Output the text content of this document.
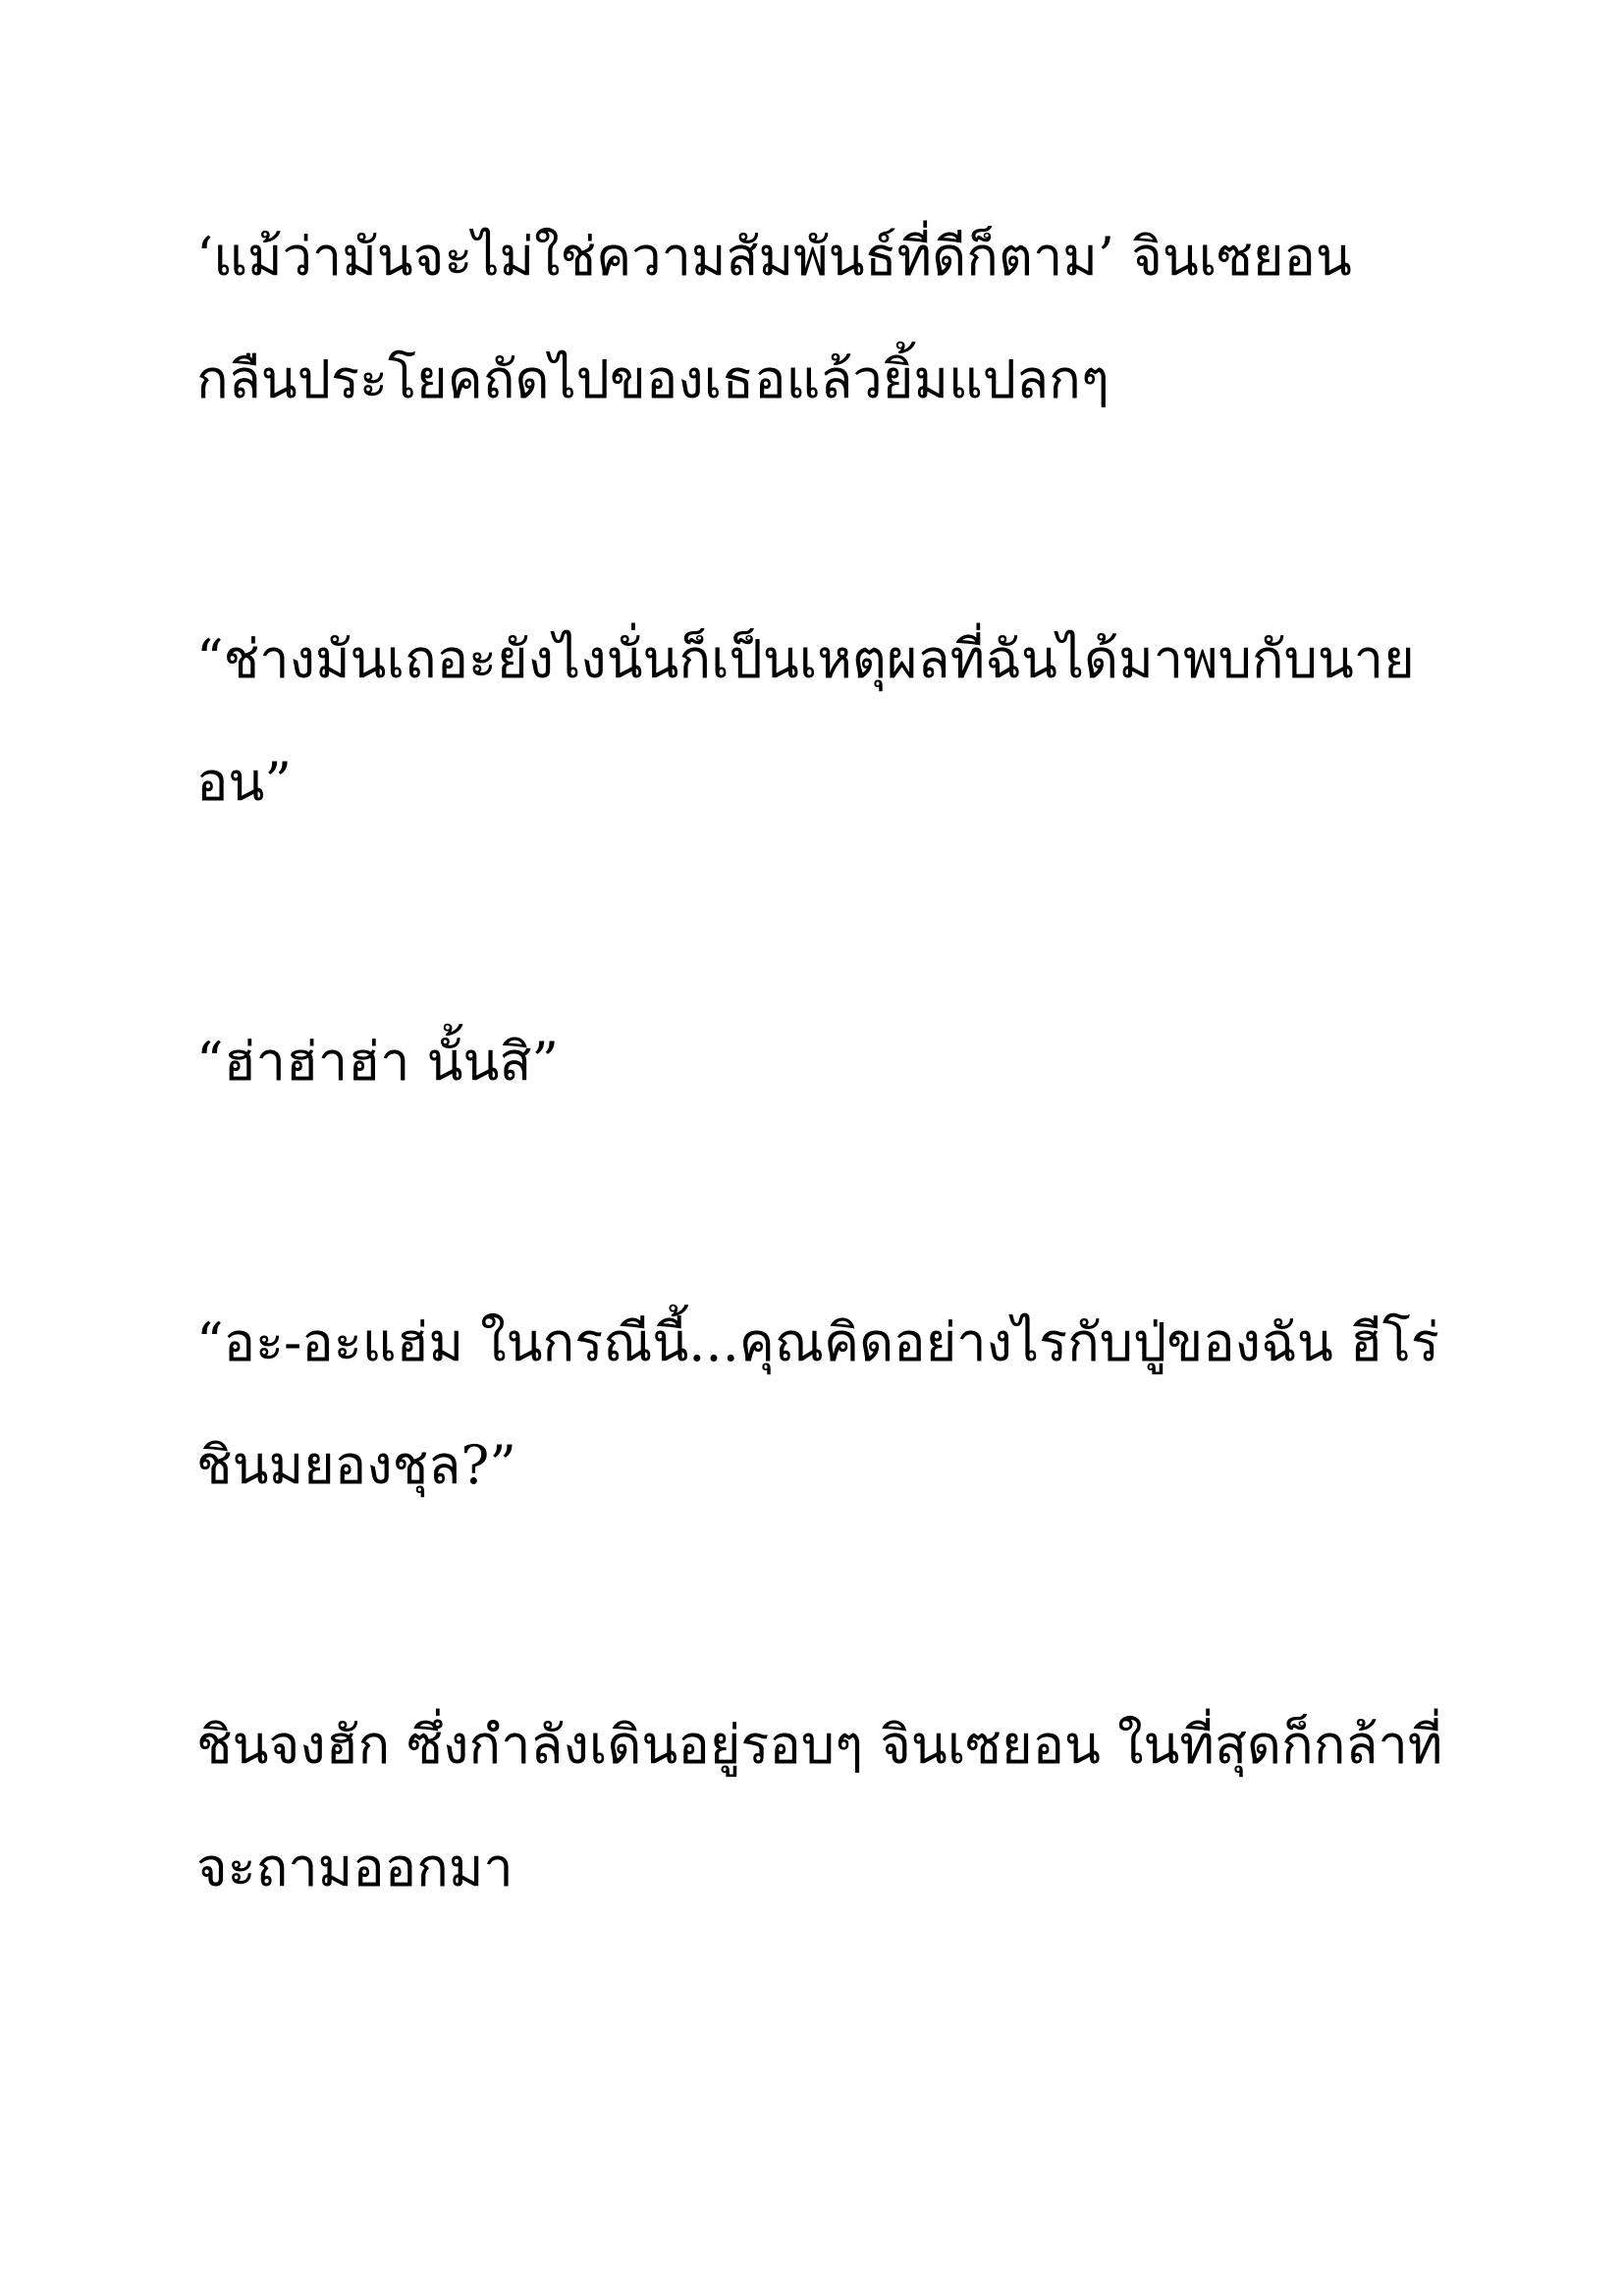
‘แม้ว่ามันจะไม่ใช่ความสัมพันธ์ที่ดีก็ตาม’ จินเซยอน

กลืนประโยคถัดไปของเธอแล้วยิ้มแปลกๆ

“ช่างมันเถอะยังไงนั่นก็เป็นเหตุผลที่ฉันได้มาพบกับนาย

อน”

“ฮ่าฮ่าฮ่า นั้นสิ”

“อะ-อะแฮ่ม ในกรณีนี้...คุณคิดอย่างไรกับปู่ของฉัน ฮีโร่

ชินมยองชุล?”

ชินจงฮัก ซึ่งกำลังเดินอยู่รอบๆ จินเซยอน ในที่สุดก็กล้าที่

จะถามออกมา
